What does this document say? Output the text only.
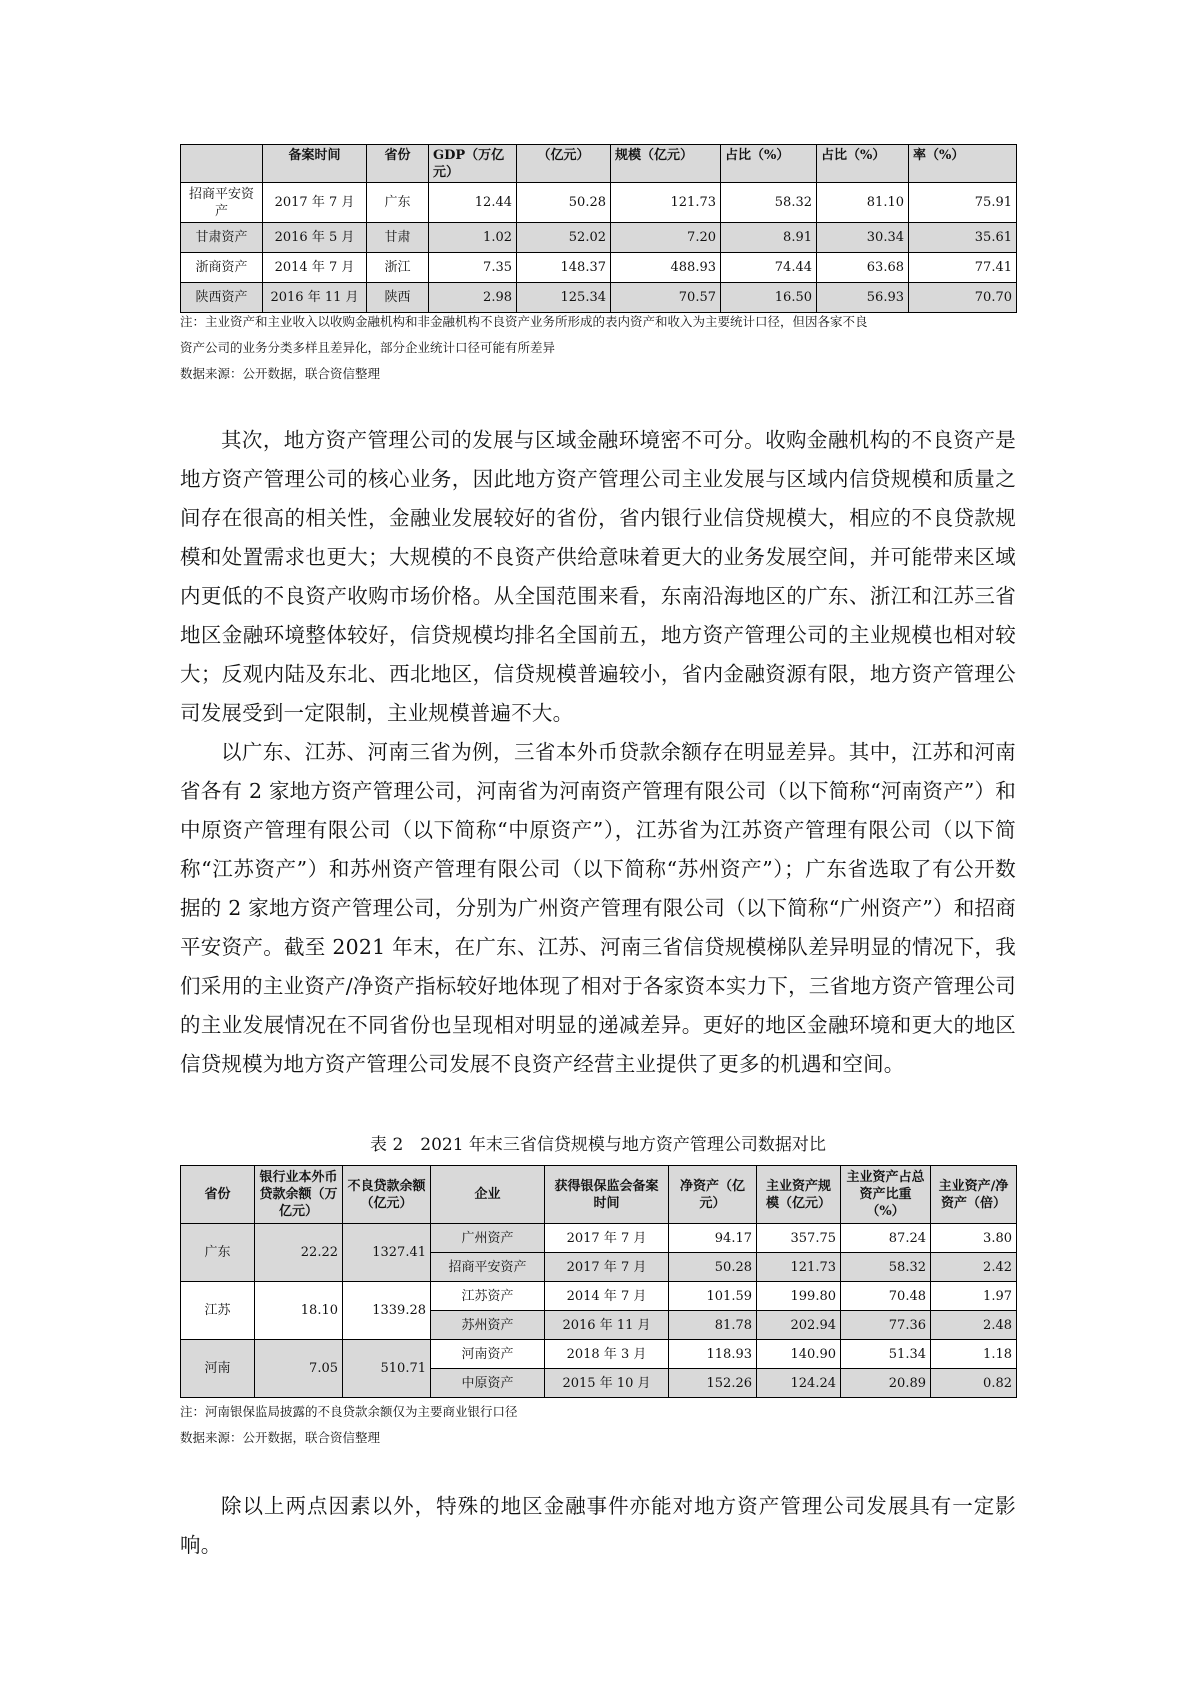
	备案时间	省份	GDP（万亿元）	（亿元）	规模（亿元）	占比（%）	占比（%）	率（%）
招商平安资产	2017 年 7 月	广东	12.44	50.28	121.73	58.32	81.10	75.91
甘肃资产	2016 年 5 月	甘肃	1.02	52.02	7.20	8.91	30.34	35.61
浙商资产	2014 年 7 月	浙江	7.35	148.37	488.93	74.44	63.68	77.41
陕西资产	2016 年 11 月	陕西	2.98	125.34	70.57	16.50	56.93	70.70

注：主业资产和主业收入以收购金融机构和非金融机构不良资产业务所形成的表内资产和收入为主要统计口径，但因各家不良

资产公司的业务分类多样且差异化，部分企业统计口径可能有所差异

数据来源：公开数据，联合资信整理

其次，地方资产管理公司的发展与区域金融环境密不可分。收购金融机构的不良资产是地方资产管理公司的核心业务，因此地方资产管理公司主业发展与区域内信贷规模和质量之间存在很高的相关性，金融业发展较好的省份，省内银行业信贷规模大，相应的不良贷款规模和处置需求也更大；大规模的不良资产供给意味着更大的业务发展空间，并可能带来区域内更低的不良资产收购市场价格。从全国范围来看，东南沿海地区的广东、浙江和江苏三省地区金融环境整体较好，信贷规模均排名全国前五，地方资产管理公司的主业规模也相对较大；反观内陆及东北、西北地区，信贷规模普遍较小，省内金融资源有限，地方资产管理公司发展受到一定限制，主业规模普遍不大。

以广东、江苏、河南三省为例，三省本外币贷款余额存在明显差异。其中，江苏和河南省各有 2 家地方资产管理公司，河南省为河南资产管理有限公司（以下简称“河南资产”）和中原资产管理有限公司（以下简称“中原资产”），江苏省为江苏资产管理有限公司（以下简称“江苏资产”）和苏州资产管理有限公司（以下简称“苏州资产”）；广东省选取了有公开数据的 2 家地方资产管理公司，分别为广州资产管理有限公司（以下简称“广州资产”）和招商平安资产。截至 2021 年末，在广东、江苏、河南三省信贷规模梯队差异明显的情况下，我们采用的主业资产/净资产指标较好地体现了相对于各家资本实力下，三省地方资产管理公司的主业发展情况在不同省份也呈现相对明显的递减差异。更好的地区金融环境和更大的地区信贷规模为地方资产管理公司发展不良资产经营主业提供了更多的机遇和空间。

表 2　2021 年末三省信贷规模与地方资产管理公司数据对比

省份	银行业本外币贷款余额（万亿元）	不良贷款余额（亿元）	企业	获得银保监会备案时间	净资产（亿元）	主业资产规模（亿元）	主业资产占总资产比重（%）	主业资产/净资产（倍）
广东	22.22	1327.41	广州资产	2017 年 7 月	94.17	357.75	87.24	3.80
			招商平安资产	2017 年 7 月	50.28	121.73	58.32	2.42
江苏	18.10	1339.28	江苏资产	2014 年 7 月	101.59	199.80	70.48	1.97
			苏州资产	2016 年 11 月	81.78	202.94	77.36	2.48
河南	7.05	510.71	河南资产	2018 年 3 月	118.93	140.90	51.34	1.18
			中原资产	2015 年 10 月	152.26	124.24	20.89	0.82

注：河南银保监局披露的不良贷款余额仅为主要商业银行口径

数据来源：公开数据，联合资信整理

除以上两点因素以外，特殊的地区金融事件亦能对地方资产管理公司发展具有一定影响。
